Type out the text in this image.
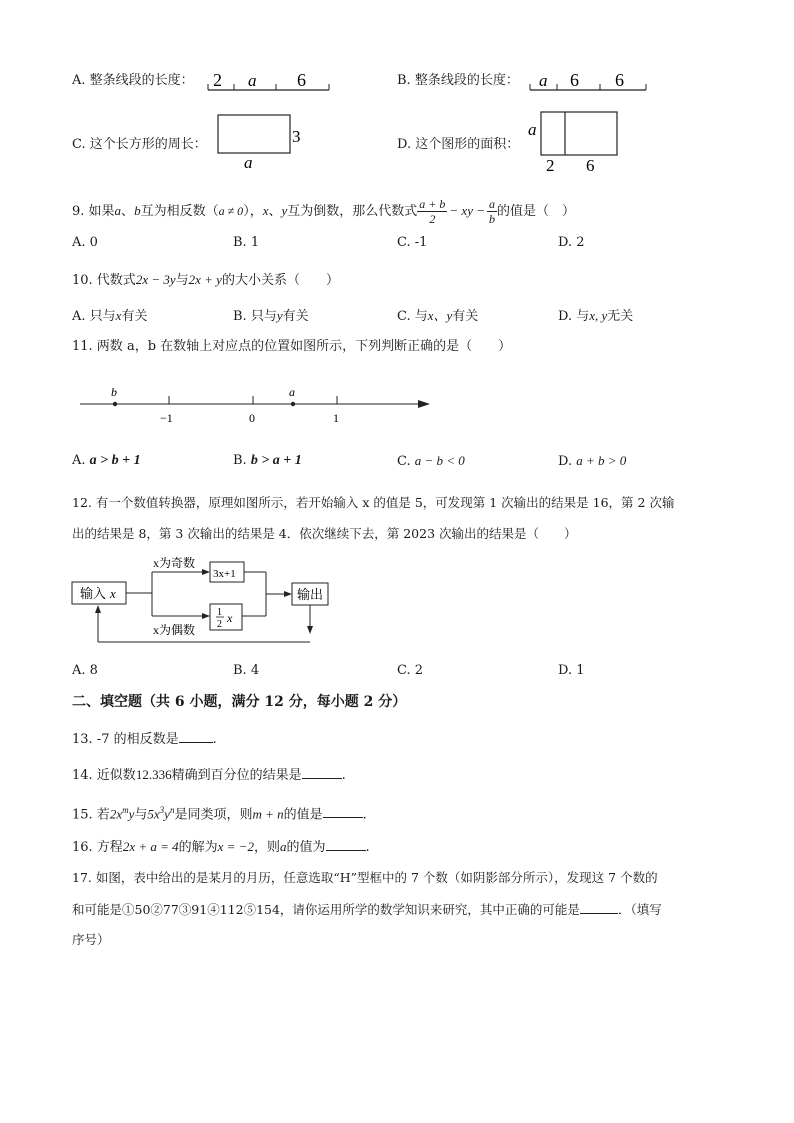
A. 整条线段的长度： 2 a 6	B. 整条线段的长度： a 6 6
C. 这个长方形的周长：	3
a
D. 这个图形的面积：
a
2 6
9. 如果a、b互为相反数（a ≠ 0），x、y互为倒数，那么代数式 $\frac{a + b}{2}$ − xy − $\frac{a}{b}$ 的值是（　）
A. 0	B. 1	C. -1	D. 2
10. 代数式2x − 3y与2x + y的大小关系（　　）
A. 只与x有关	B. 只与y有关	C. 与x、y有关	D. 与x, y无关
11. 两数 a，b 在数轴上对应点的位置如图所示，下列判断正确的是（　　）
b	a
−1	0	1
A. a > b + 1	B. b > a + 1	C. a − b < 0	D. a + b > 0
12. 有一个数值转换器，原理如图所示，若开始输入 x 的值是 5，可发现第 1 次输出的结果是 16，第 2 次输
出的结果是 8，第 3 次输出的结果是 4．依次继续下去，第 2023 次输出的结果是（　　）
输入 x
x为奇数
x为偶数
3x+1
1
2 x
输出
A. 8	B. 4	C. 2	D. 1
二、填空题（共 6 小题，满分 12 分，每小题 2 分）
13. -7 的相反数是	.
14. 近似数12.336精确到百分位的结果是	.
15. 若$2x^my$与$5x^3y^n$是同类项，则m + n的值是	.
16. 方程2x + a = 4的解为x = −2，则a的值为	.
17. 如图，表中给出的是某月的月历，任意选取“H”型框中的 7 个数（如阴影部分所示），发现这 7 个数的
和可能是①50②77③91④112⑤154，请你运用所学的数学知识来研究，其中正确的可能是	．（填写
序号）
